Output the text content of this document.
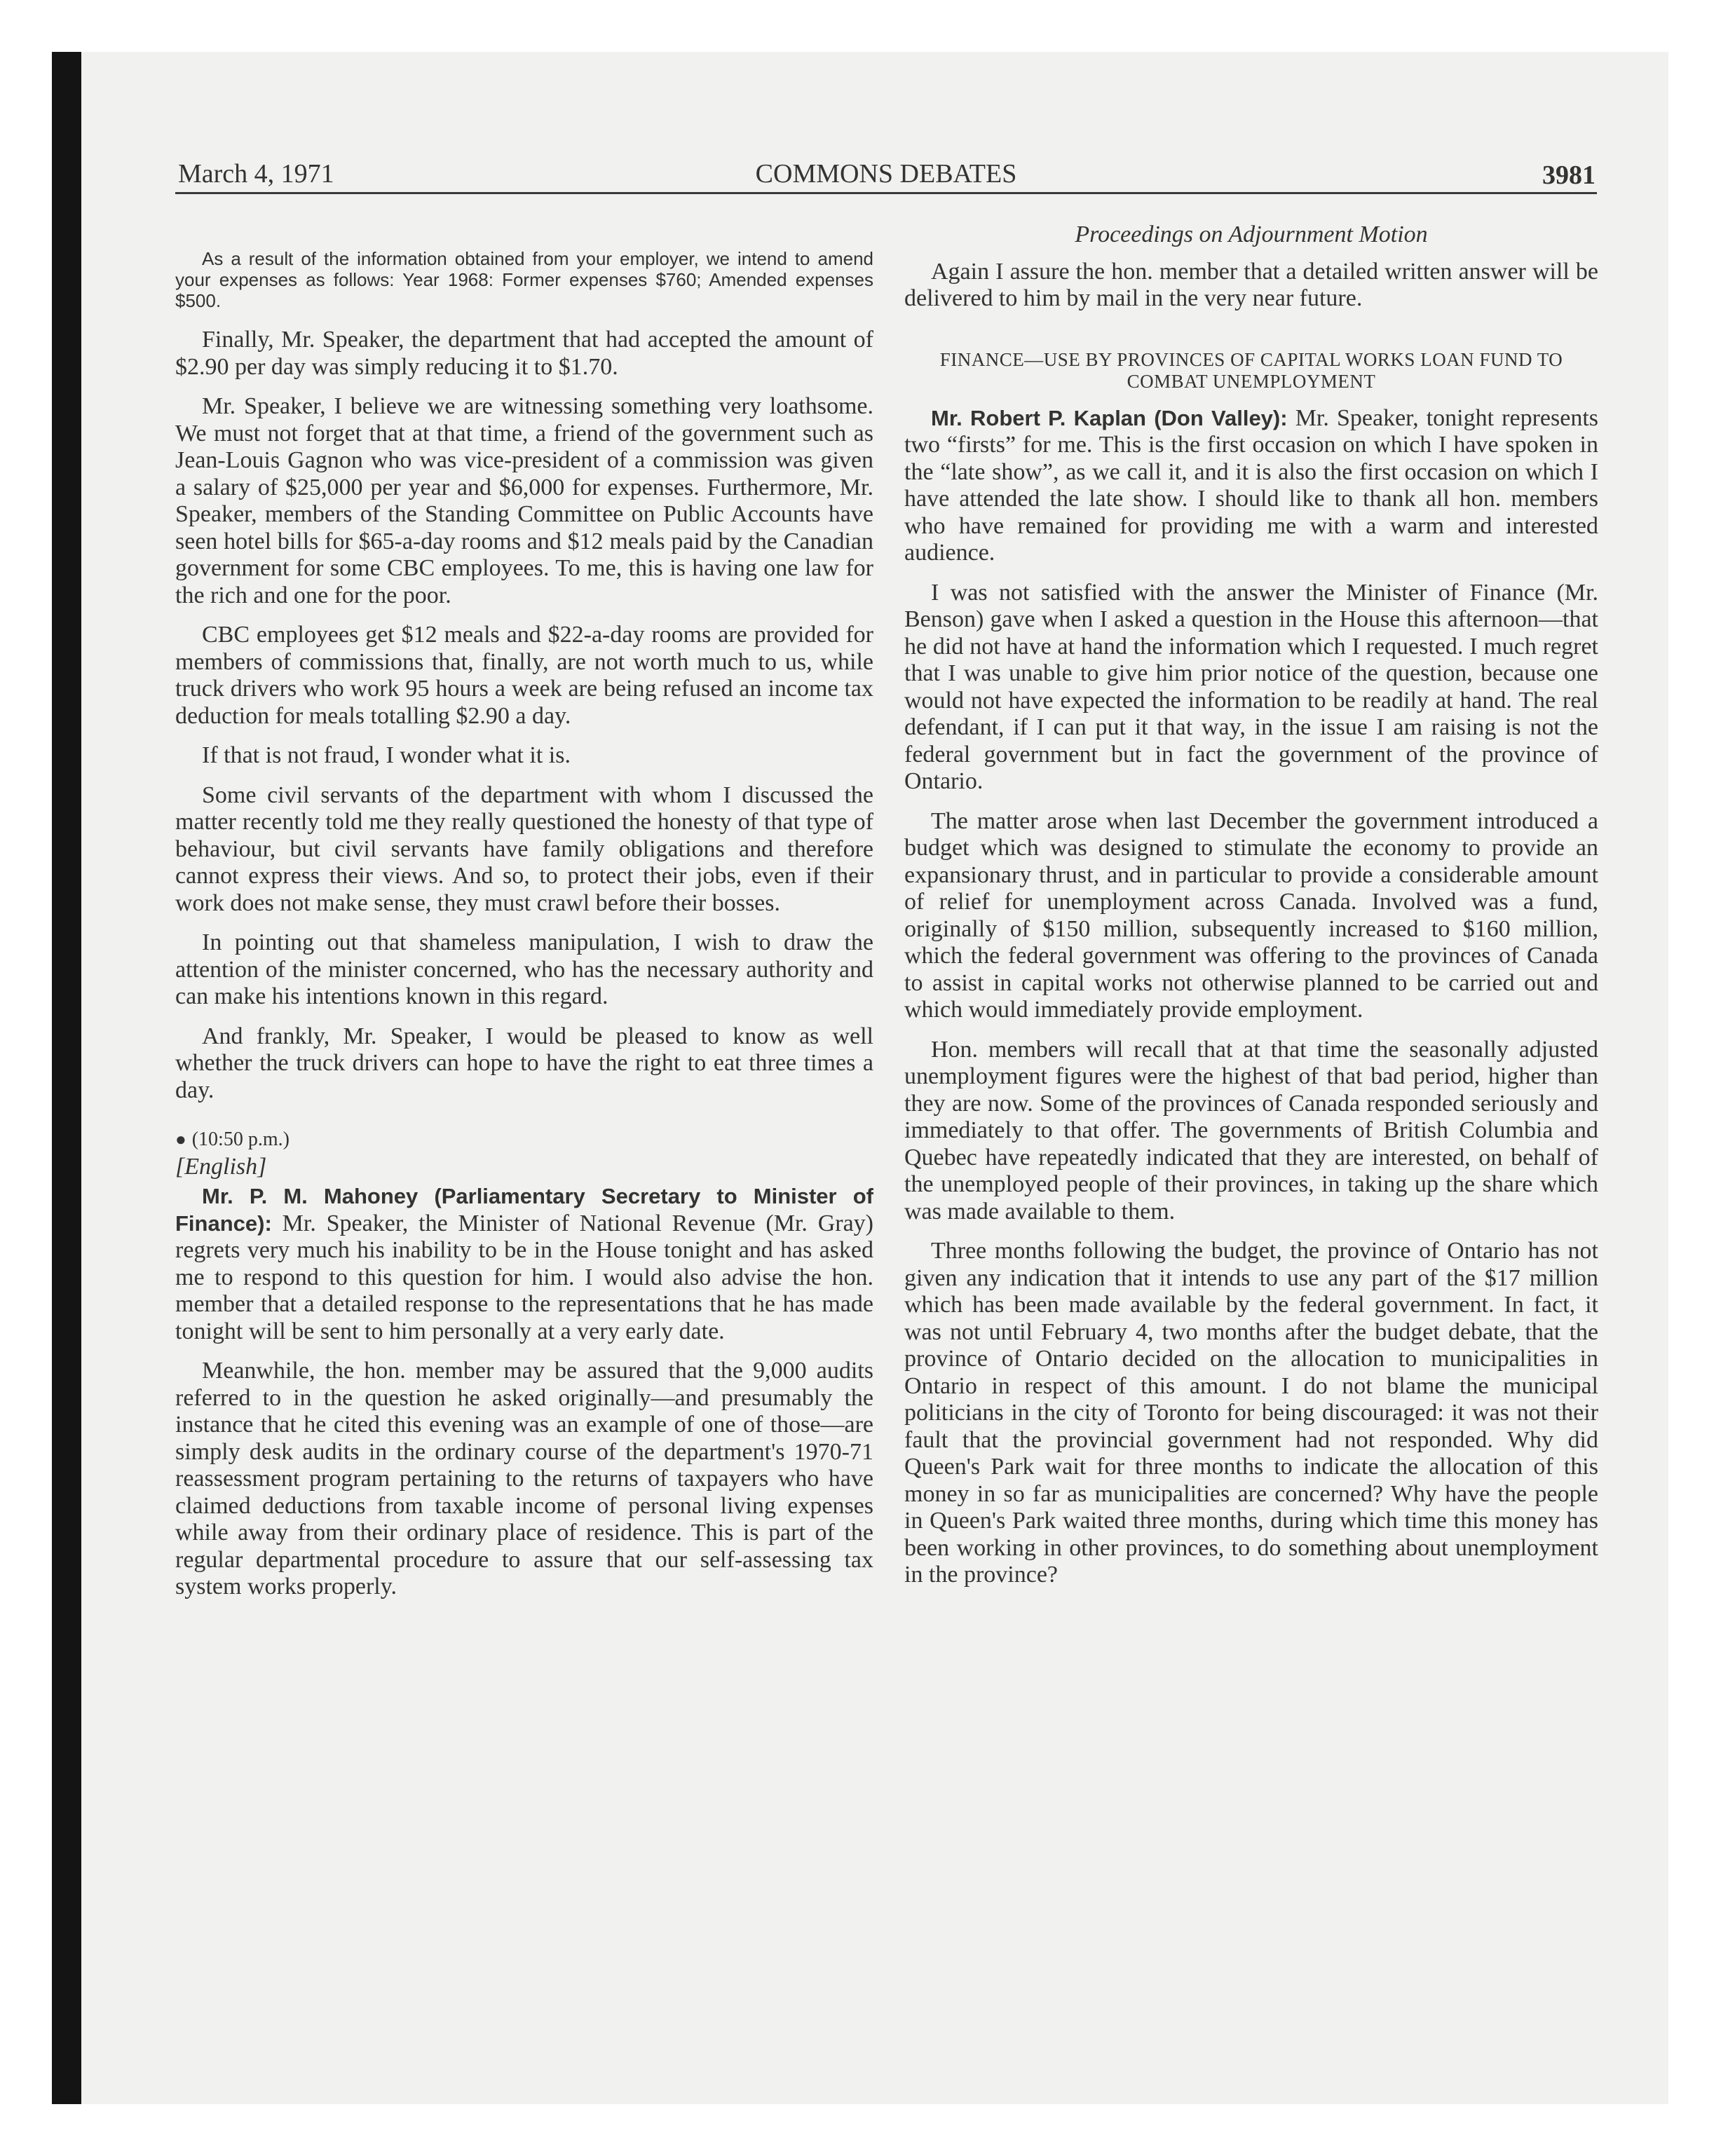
March 4, 1971	COMMONS DEBATES	3981

As a result of the information obtained from your employer, we intend to amend your expenses as follows: Year 1968: Former expenses $760; Amended expenses $500.

Finally, Mr. Speaker, the department that had accepted the amount of $2.90 per day was simply reducing it to $1.70.

Mr. Speaker, I believe we are witnessing something very loathsome. We must not forget that at that time, a friend of the government such as Jean-Louis Gagnon who was vice-president of a commission was given a salary of $25,000 per year and $6,000 for expenses. Furthermore, Mr. Speaker, members of the Standing Committee on Public Accounts have seen hotel bills for $65-a-day rooms and $12 meals paid by the Canadian government for some CBC employees. To me, this is having one law for the rich and one for the poor.

CBC employees get $12 meals and $22-a-day rooms are provided for members of commissions that, finally, are not worth much to us, while truck drivers who work 95 hours a week are being refused an income tax deduction for meals totalling $2.90 a day.

If that is not fraud, I wonder what it is.

Some civil servants of the department with whom I discussed the matter recently told me they really questioned the honesty of that type of behaviour, but civil servants have family obligations and therefore cannot express their views. And so, to protect their jobs, even if their work does not make sense, they must crawl before their bosses.

In pointing out that shameless manipulation, I wish to draw the attention of the minister concerned, who has the necessary authority and can make his intentions known in this regard.

And frankly, Mr. Speaker, I would be pleased to know as well whether the truck drivers can hope to have the right to eat three times a day.

● (10:50 p.m.)

[English]

Mr. P. M. Mahoney (Parliamentary Secretary to Minister of Finance): Mr. Speaker, the Minister of National Revenue (Mr. Gray) regrets very much his inability to be in the House tonight and has asked me to respond to this question for him. I would also advise the hon. member that a detailed response to the representations that he has made tonight will be sent to him personally at a very early date.

Meanwhile, the hon. member may be assured that the 9,000 audits referred to in the question he asked originally—and presumably the instance that he cited this evening was an example of one of those—are simply desk audits in the ordinary course of the department's 1970-71 reassessment program pertaining to the returns of taxpayers who have claimed deductions from taxable income of personal living expenses while away from their ordinary place of residence. This is part of the regular departmental procedure to assure that our self-assessing tax system works properly.

Proceedings on Adjournment Motion

Again I assure the hon. member that a detailed written answer will be delivered to him by mail in the very near future.

FINANCE—USE BY PROVINCES OF CAPITAL WORKS LOAN FUND TO COMBAT UNEMPLOYMENT

Mr. Robert P. Kaplan (Don Valley): Mr. Speaker, tonight represents two “firsts” for me. This is the first occasion on which I have spoken in the “late show”, as we call it, and it is also the first occasion on which I have attended the late show. I should like to thank all hon. members who have remained for providing me with a warm and interested audience.

I was not satisfied with the answer the Minister of Finance (Mr. Benson) gave when I asked a question in the House this afternoon—that he did not have at hand the information which I requested. I much regret that I was unable to give him prior notice of the question, because one would not have expected the information to be readily at hand. The real defendant, if I can put it that way, in the issue I am raising is not the federal government but in fact the government of the province of Ontario.

The matter arose when last December the government introduced a budget which was designed to stimulate the economy to provide an expansionary thrust, and in particular to provide a considerable amount of relief for unemployment across Canada. Involved was a fund, originally of $150 million, subsequently increased to $160 million, which the federal government was offering to the provinces of Canada to assist in capital works not otherwise planned to be carried out and which would immediately provide employment.

Hon. members will recall that at that time the seasonally adjusted unemployment figures were the highest of that bad period, higher than they are now. Some of the provinces of Canada responded seriously and immediately to that offer. The governments of British Columbia and Quebec have repeatedly indicated that they are interested, on behalf of the unemployed people of their provinces, in taking up the share which was made available to them.

Three months following the budget, the province of Ontario has not given any indication that it intends to use any part of the $17 million which has been made available by the federal government. In fact, it was not until February 4, two months after the budget debate, that the province of Ontario decided on the allocation to municipalities in Ontario in respect of this amount. I do not blame the municipal politicians in the city of Toronto for being discouraged: it was not their fault that the provincial government had not responded. Why did Queen's Park wait for three months to indicate the allocation of this money in so far as municipalities are concerned? Why have the people in Queen's Park waited three months, during which time this money has been working in other provinces, to do something about unemployment in the province?
